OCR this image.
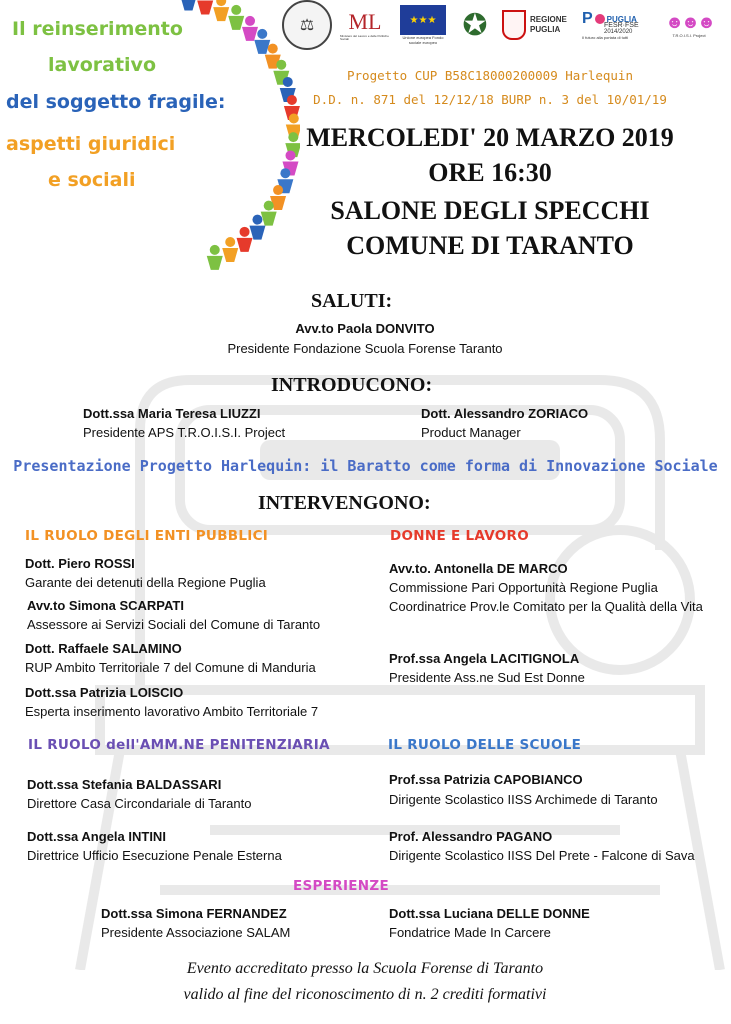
Il reinserimento
lavorativo
del soggetto fragile:
aspetti giuridici
e sociali
⚖ ML
Ministero del Lavoro e delle Politiche Sociali
★★★
Unione europea Fondo sociale europeo
✪	REGIONE PUGLIA
P PUGLIA
FESR·FSE
2014/2020
Il futuro alla portata di tutti
☻☻☻
T.R.O.I.S.I. Project
Progetto CUP B58C18000200009 Harlequin
D.D. n. 871 del 12/12/18 BURP n. 3 del 10/01/19
MERCOLEDI' 20 MARZO 2019
ORE 16:30
SALONE DEGLI SPECCHI
COMUNE DI TARANTO
SALUTI:
Avv.to Paola DONVITO
Presidente Fondazione Scuola Forense Taranto
INTRODUCONO:
Dott.ssa Maria Teresa LIUZZI
Presidente APS T.R.O.I.S.I. Project
Dott. Alessandro ZORIACO
Product Manager
Presentazione Progetto Harlequin: il Baratto come forma di Innovazione Sociale
INTERVENGONO:
IL RUOLO DEGLI ENTI PUBBLICI
Dott. Piero ROSSI
Garante dei detenuti della Regione Puglia
Avv.to Simona SCARPATI
Assessore ai Servizi Sociali del Comune di Taranto
Dott. Raffaele SALAMINO
RUP Ambito Territoriale 7 del Comune di Manduria
Dott.ssa Patrizia LOISCIO
Esperta inserimento lavorativo Ambito Territoriale 7
DONNE E LAVORO
Avv.to. Antonella DE MARCO
Commissione Pari Opportunità Regione Puglia
Coordinatrice Prov.le Comitato per la Qualità della Vita
Prof.ssa Angela LACITIGNOLA
Presidente Ass.ne Sud Est Donne
IL RUOLO dell'AMM.NE PENITENZIARIA
Dott.ssa Stefania BALDASSARI
Direttore Casa Circondariale di Taranto
Dott.ssa Angela INTINI
Direttrice Ufficio Esecuzione Penale Esterna
IL RUOLO DELLE SCUOLE
Prof.ssa Patrizia CAPOBIANCO
Dirigente Scolastico IISS Archimede di Taranto
Prof. Alessandro PAGANO
Dirigente Scolastico IISS Del Prete - Falcone di Sava
ESPERIENZE
Dott.ssa Simona FERNANDEZ
Presidente Associazione SALAM
Dott.ssa Luciana DELLE DONNE
Fondatrice Made In Carcere
Evento accreditato presso la Scuola Forense di Taranto
valido al fine del riconoscimento di n. 2 crediti formativi
